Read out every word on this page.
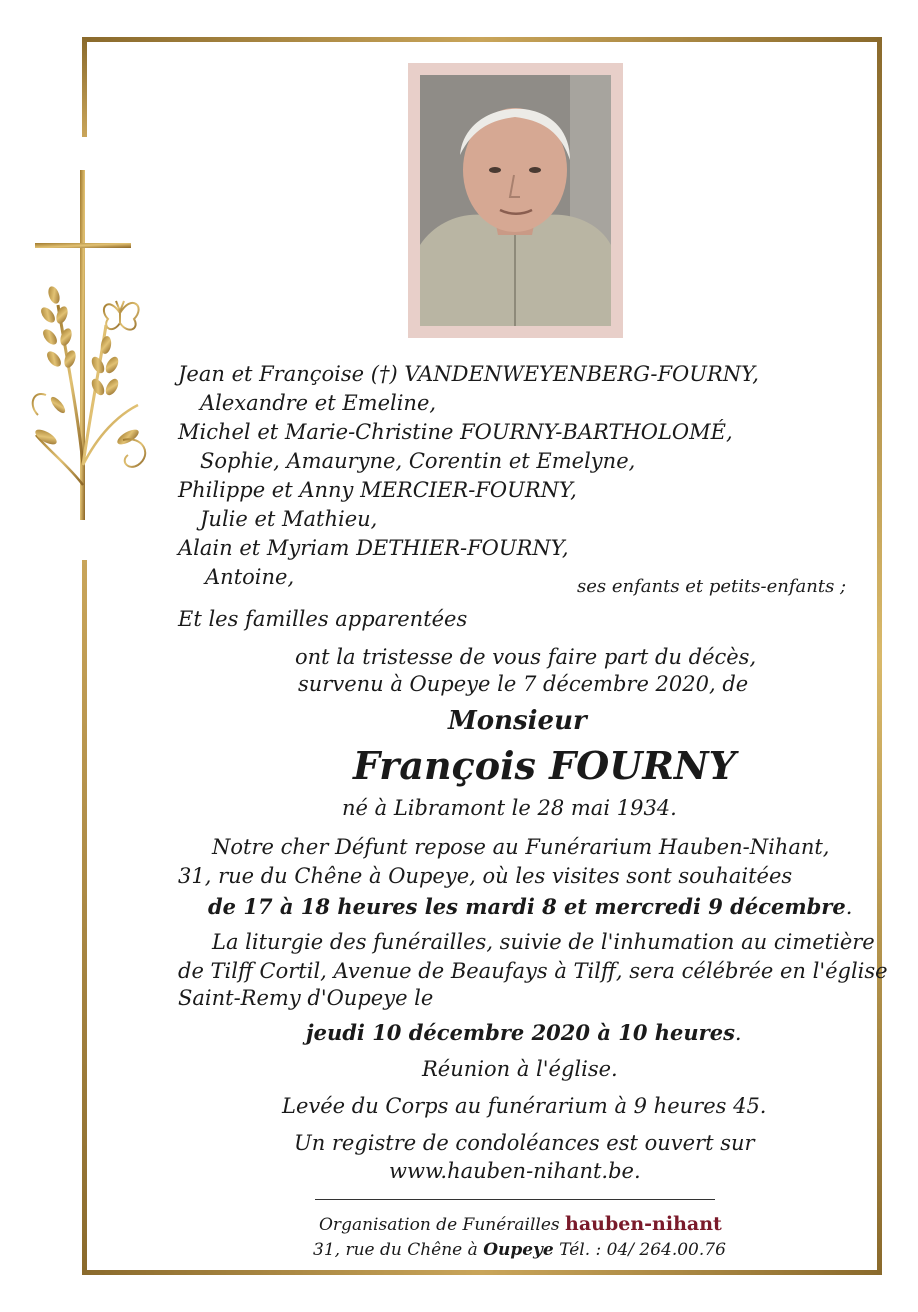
Jean et Françoise (†) VANDENWEYENBERG-FOURNY,
Alexandre et Emeline,
Michel et Marie-Christine FOURNY-BARTHOLOMÉ,
Sophie, Amauryne, Corentin et Emelyne,
Philippe et Anny MERCIER-FOURNY,
Julie et Mathieu,
Alain et Myriam DETHIER-FOURNY,
Antoine,	ses enfants et petits-enfants ;
Et les familles apparentées
ont la tristesse de vous faire part du décès,
survenu à Oupeye le 7 décembre 2020, de
Monsieur
François FOURNY
né à Libramont le 28 mai 1934.
Notre cher Défunt repose au Funérarium Hauben-Nihant,
31, rue du Chêne à Oupeye, où les visites sont souhaitées
de 17 à 18 heures les mardi 8 et mercredi 9 décembre.
La liturgie des funérailles, suivie de l'inhumation au cimetière
de Tilff Cortil, Avenue de Beaufays à Tilff, sera célébrée en l'église
Saint-Remy d'Oupeye le
jeudi 10 décembre 2020 à 10 heures.
Réunion à l'église.
Levée du Corps au funérarium à 9 heures 45.
Un registre de condoléances est ouvert sur
www.hauben-nihant.be.
Organisation de Funérailles hauben-nihant
31, rue du Chêne à Oupeye Tél. : 04/ 264.00.76
